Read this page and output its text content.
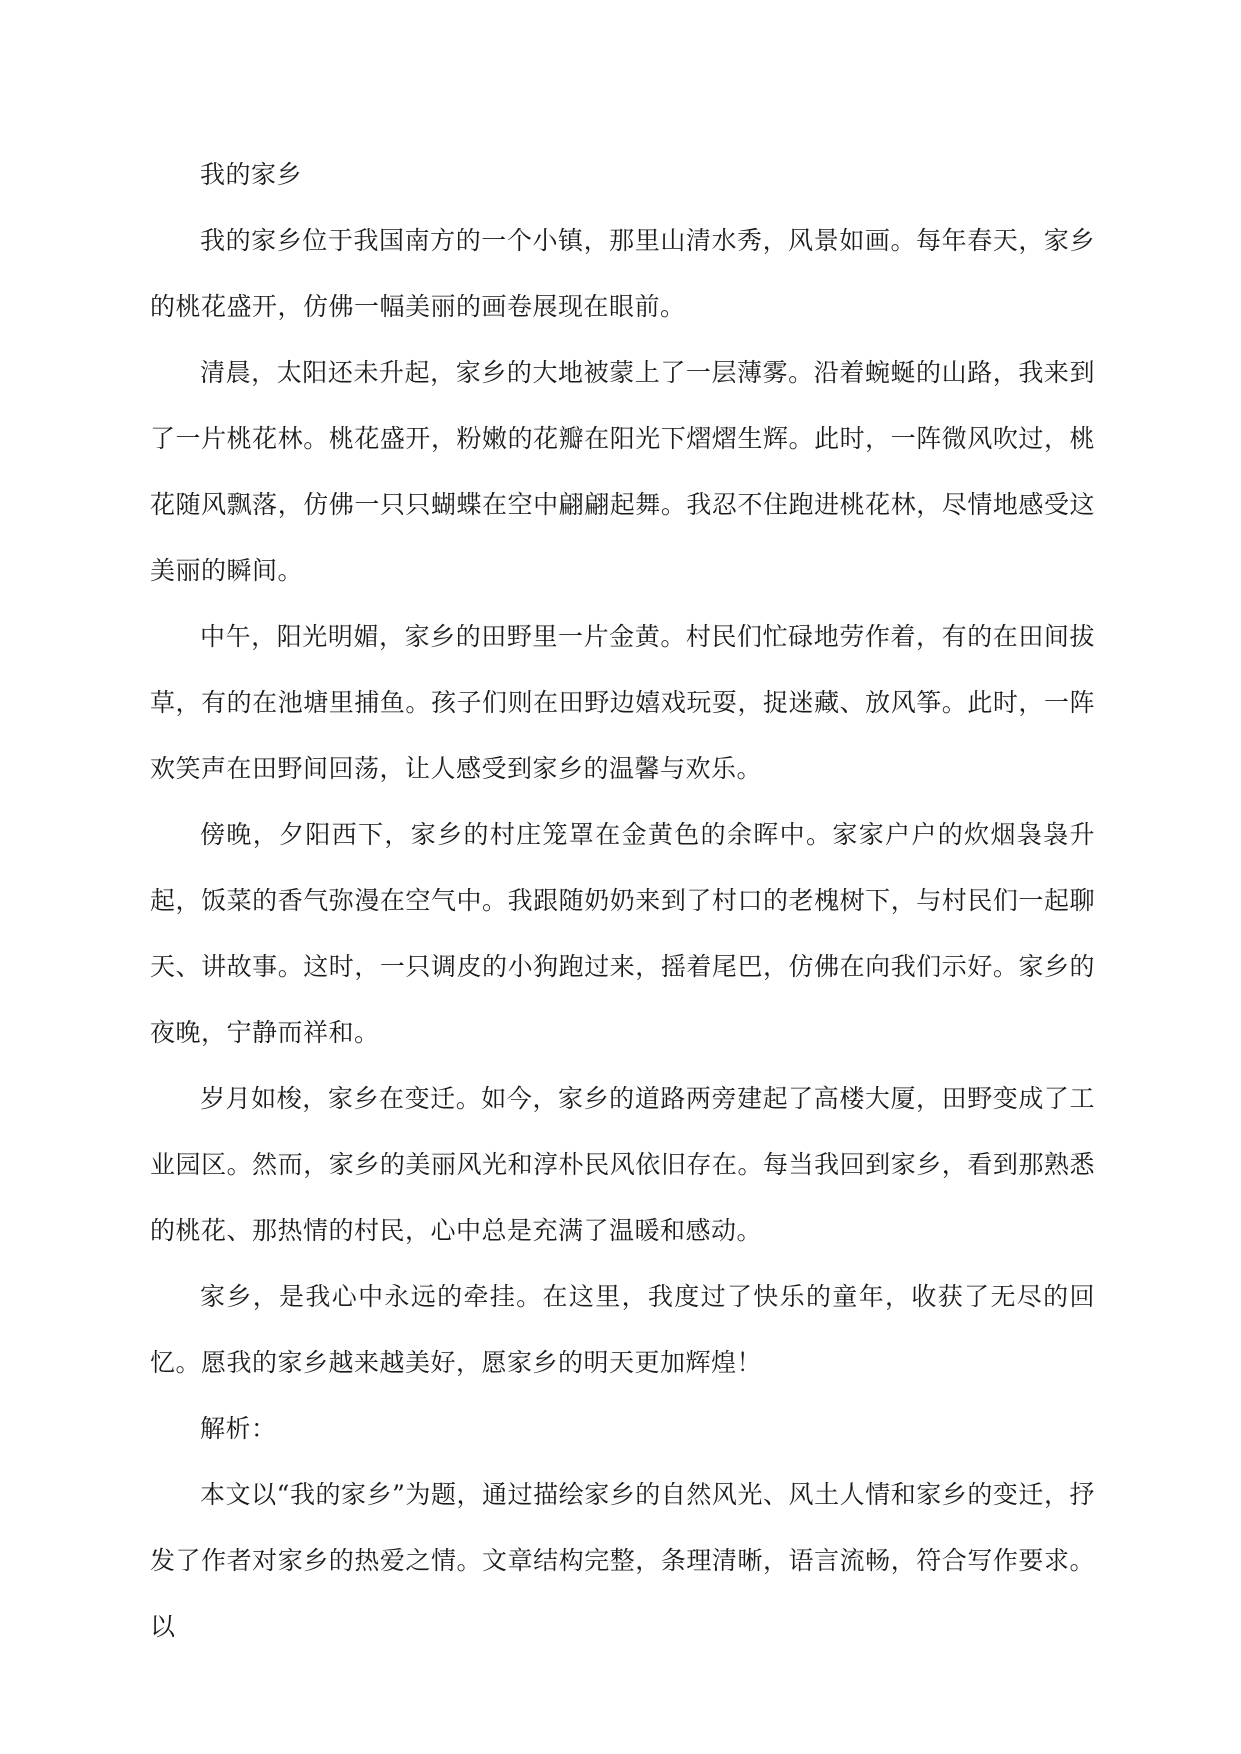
我的家乡

我的家乡位于我国南方的一个小镇，那里山清水秀，风景如画。每年春天，家乡的桃花盛开，仿佛一幅美丽的画卷展现在眼前。

清晨，太阳还未升起，家乡的大地被蒙上了一层薄雾。沿着蜿蜒的山路，我来到了一片桃花林。桃花盛开，粉嫩的花瓣在阳光下熠熠生辉。此时，一阵微风吹过，桃花随风飘落，仿佛一只只蝴蝶在空中翩翩起舞。我忍不住跑进桃花林，尽情地感受这美丽的瞬间。

中午，阳光明媚，家乡的田野里一片金黄。村民们忙碌地劳作着，有的在田间拔草，有的在池塘里捕鱼。孩子们则在田野边嬉戏玩耍，捉迷藏、放风筝。此时，一阵欢笑声在田野间回荡，让人感受到家乡的温馨与欢乐。

傍晚，夕阳西下，家乡的村庄笼罩在金黄色的余晖中。家家户户的炊烟袅袅升起，饭菜的香气弥漫在空气中。我跟随奶奶来到了村口的老槐树下，与村民们一起聊天、讲故事。这时，一只调皮的小狗跑过来，摇着尾巴，仿佛在向我们示好。家乡的夜晚，宁静而祥和。

岁月如梭，家乡在变迁。如今，家乡的道路两旁建起了高楼大厦，田野变成了工业园区。然而，家乡的美丽风光和淳朴民风依旧存在。每当我回到家乡，看到那熟悉的桃花、那热情的村民，心中总是充满了温暖和感动。

家乡，是我心中永远的牵挂。在这里，我度过了快乐的童年，收获了无尽的回忆。愿我的家乡越来越美好，愿家乡的明天更加辉煌！

解析：

本文以“我的家乡”为题，通过描绘家乡的自然风光、风土人情和家乡的变迁，抒发了作者对家乡的热爱之情。文章结构完整，条理清晰，语言流畅，符合写作要求。以
